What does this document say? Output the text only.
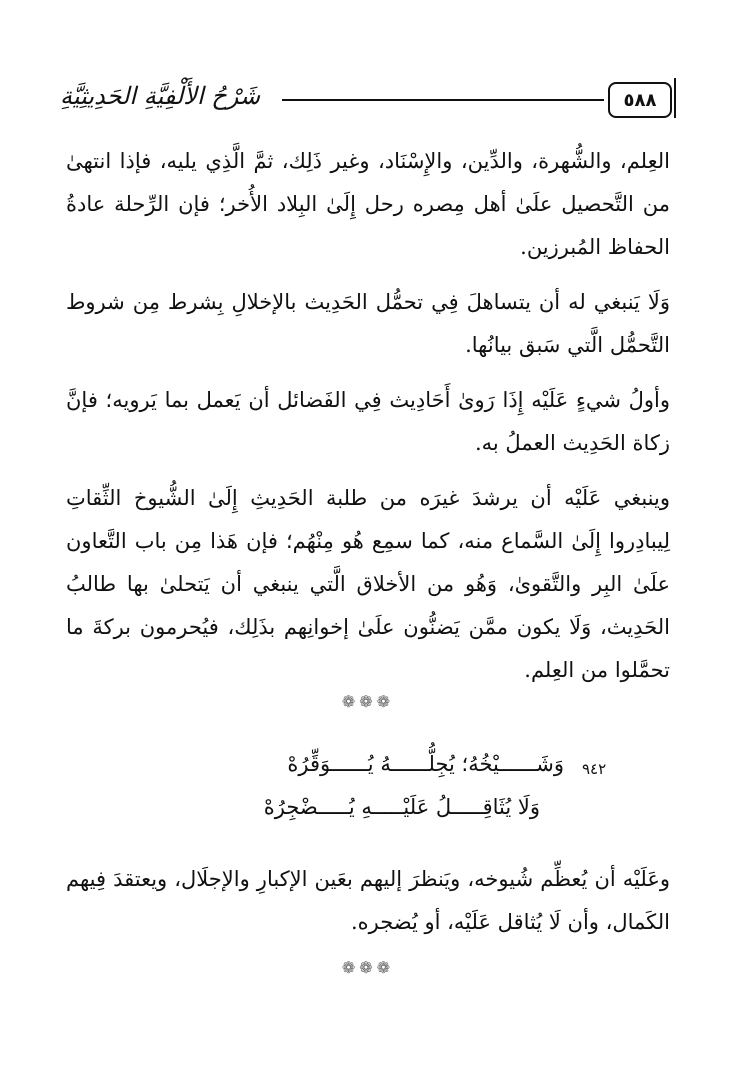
شَرْحُ الأَلْفِيَّةِ الحَدِيثِيَّةِ	٥٨٨

العِلم، والشُّهرة، والدِّين، والإِسْنَاد، وغير ذَلِك، ثمَّ الَّذِي يليه، فإذا انتهىٰ من التَّحصيل علَىٰ أهل مِصره رحل إِلَىٰ البِلاد الأُخر؛ فإن الرِّحلة عادةُ الحفاظ المُبرزين.

وَلَا يَنبغي له أن يتساهلَ فِي تحمُّل الحَدِيث بالإخلالِ بِشرط مِن شروط التَّحمُّل الَّتي سَبق بيانُها.

وأولُ شيءٍ عَلَيْه إِذَا رَوىٰ أَحَادِيث فِي الفَضائل أن يَعمل بما يَرويه؛ فإنَّ زكاة الحَدِيث العملُ به.

وينبغي عَلَيْه أن يرشدَ غيرَه من طلبة الحَدِيثِ إِلَىٰ الشُّيوخ الثِّقاتِ لِيبادِروا إِلَىٰ السَّماع منه، كما سمِع هُو مِنْهُم؛ فإن هَذا مِن باب التَّعاون علَىٰ البِر والتَّقوىٰ، وَهُو من الأخلاق الَّتي ينبغي أن يَتحلىٰ بها طالبُ الحَدِيث، وَلَا يكون ممَّن يَضنُّون علَىٰ إخوانِهم بذَلِك، فيُحرمون بركةَ ما تحمَّلوا من العِلم.

❁❁❁
٩٤٢
وَشَــــــيْخُهُ؛ يُجِلُّــــــهُ يُــــــوَقِّرُهْ
وَلَا يُثَاقِـــــلُ عَلَيْـــــهِ يُـــــضْجِرُهْ

وعَلَيْه أن يُعظِّم شُيوخه، ويَنظرَ إليهم بعَين الإكبارِ والإجلَال، ويعتقدَ فِيهم الكَمال، وأن لَا يُثاقل عَلَيْه، أو يُضجره.

❁❁❁
